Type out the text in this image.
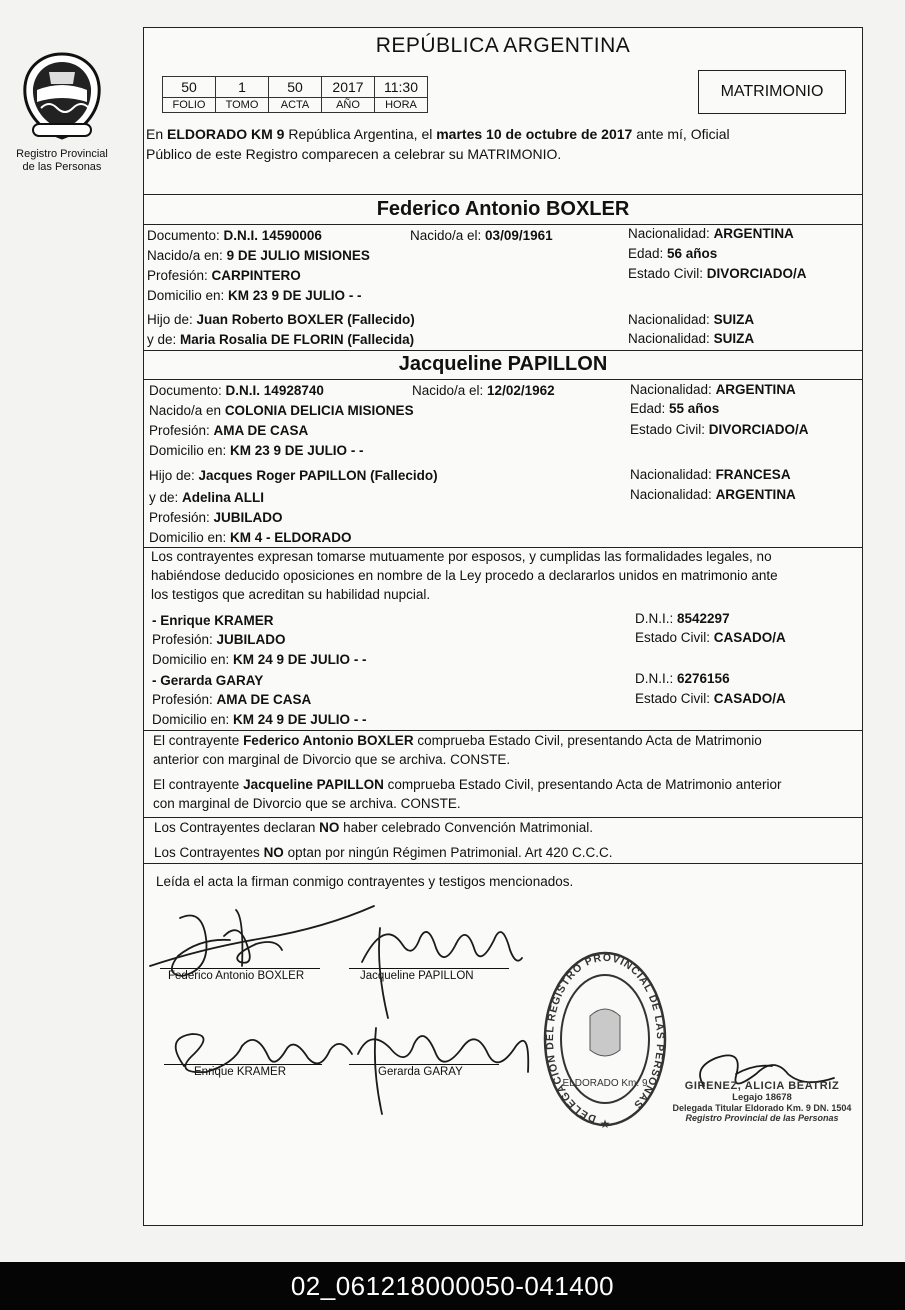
Registro Provincial
de las Personas
REPÚBLICA ARGENTINA
50	1	50	2017	11:30
FOLIO	TOMO	ACTA	AÑO	HORA
MATRIMONIO
En ELDORADO KM 9 República Argentina, el martes 10 de octubre de 2017 ante mí, Oficial
Público de este Registro comparecen a celebrar su MATRIMONIO.
Federico Antonio BOXLER
Documento: D.N.I. 14590006	Nacido/a el: 03/09/1961	Nacionalidad: ARGENTINA
Nacido/a en: 9 DE JULIO MISIONES	Edad: 56 años
Profesión: CARPINTERO	Estado Civil: DIVORCIADO/A
Domicilio en: KM 23 9 DE JULIO - -
Hijo de: Juan Roberto BOXLER (Fallecido)	Nacionalidad: SUIZA
y de: Maria Rosalia DE FLORIN (Fallecida)	Nacionalidad: SUIZA
Jacqueline PAPILLON
Documento: D.N.I. 14928740	Nacido/a el: 12/02/1962	Nacionalidad: ARGENTINA
Nacido/a en COLONIA DELICIA MISIONES	Edad: 55 años
Profesión: AMA DE CASA	Estado Civil: DIVORCIADO/A
Domicilio en: KM 23 9 DE JULIO - -
Hijo de: Jacques Roger PAPILLON (Fallecido)	Nacionalidad: FRANCESA
y de: Adelina ALLI	Nacionalidad: ARGENTINA
Profesión: JUBILADO
Domicilio en: KM 4 - ELDORADO
Los contrayentes expresan tomarse mutuamente por esposos, y cumplidas las formalidades legales, no
habiéndose deducido oposiciones en nombre de la Ley procedo a declararlos unidos en matrimonio ante
los testigos que acreditan su habilidad nupcial.
- Enrique KRAMER	D.N.I.: 8542297
Profesión: JUBILADO	Estado Civil: CASADO/A
Domicilio en: KM 24 9 DE JULIO - -
- Gerarda GARAY	D.N.I.: 6276156
Profesión: AMA DE CASA	Estado Civil: CASADO/A
Domicilio en: KM 24 9 DE JULIO - -
El contrayente Federico Antonio BOXLER comprueba Estado Civil, presentando Acta de Matrimonio
anterior con marginal de Divorcio que se archiva. CONSTE.
El contrayente Jacqueline PAPILLON comprueba Estado Civil, presentando Acta de Matrimonio anterior
con marginal de Divorcio que se archiva. CONSTE.
Los Contrayentes declaran NO haber celebrado Convención Matrimonial.
Los Contrayentes NO optan por ningún Régimen Patrimonial. Art 420 C.C.C.
Leída el acta la firman conmigo contrayentes y testigos mencionados.
Federico Antonio BOXLER	Jacqueline PAPILLON
Enrique KRAMER	Gerarda GARAY
DELEGACION DEL REGISTRO PROVINCIAL DE LAS PERSONAS
ELDORADO Km. 9
★
GIRENEZ, ALICIA BEATRIZ
Legajo 18678
Delegada Titular Eldorado Km. 9 DN. 1504
Registro Provincial de las Personas
02_061218000050-041400
